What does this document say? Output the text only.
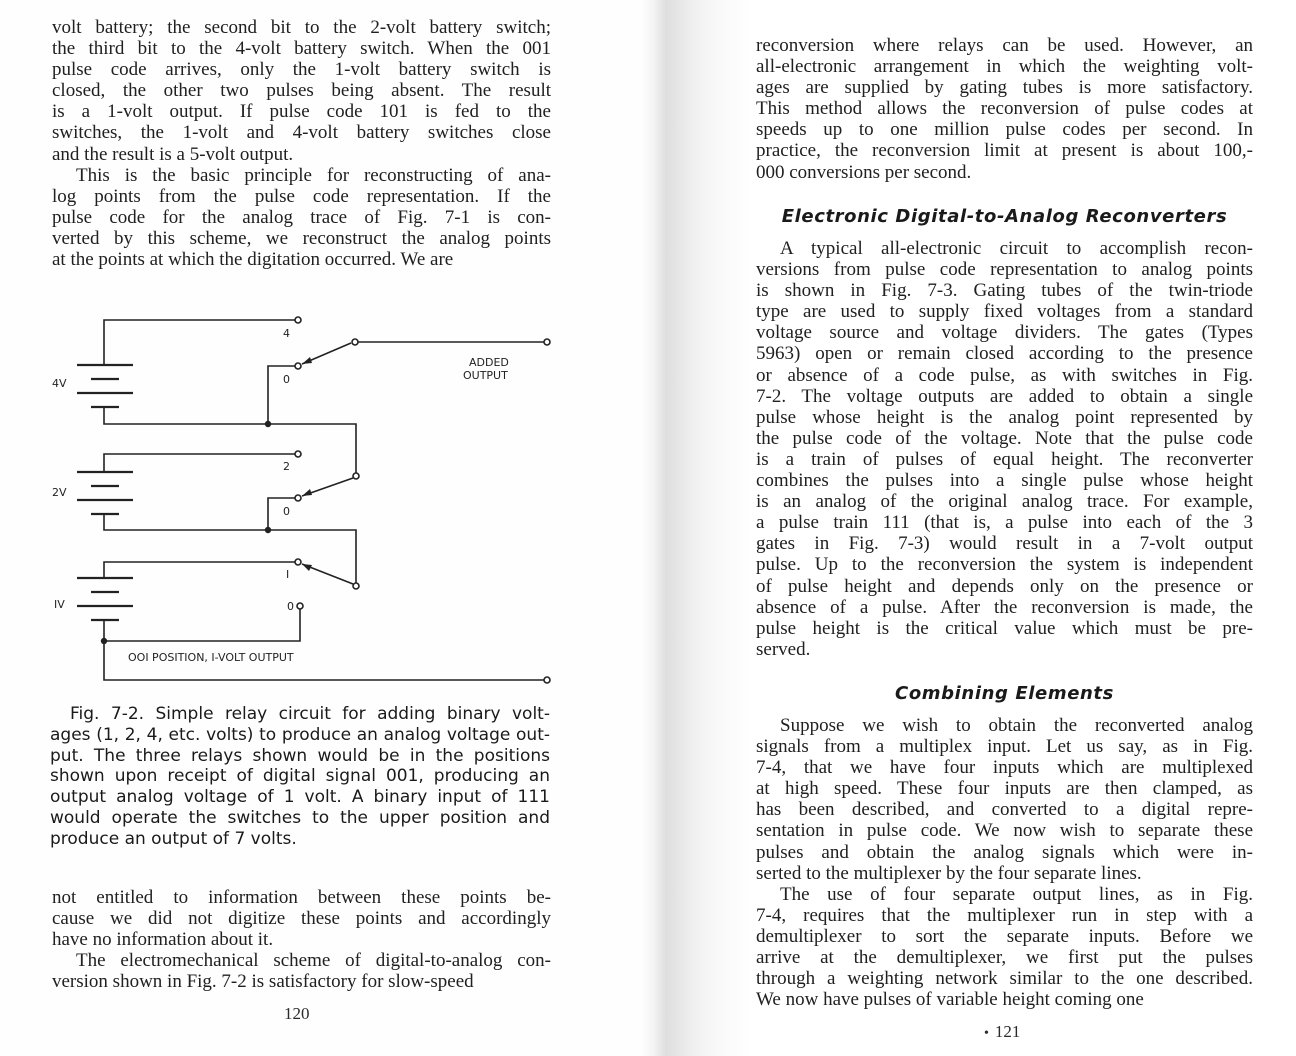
volt battery; the second bit to the 2-volt battery switch;
the third bit to the 4-volt battery switch. When the 001
pulse code arrives, only the 1-volt battery switch is
closed, the other two pulses being absent. The result
is a 1-volt output. If pulse code 101 is fed to the
switches, the 1-volt and 4-volt battery switches close
and the result is a 5-volt output.

This is the basic principle for reconstructing of ana-
log points from the pulse code representation. If the
pulse code for the analog trace of Fig. 7-1 is con-
verted by this scheme, we reconstruct the analog points
at the points at which the digitation occurred. We are

4V
2V
IV
4
0
2
0
I
0
ADDED
OUTPUT
OOI POSITION, I-VOLT OUTPUT
Fig. 7-2. Simple relay circuit for adding binary volt-
ages (1, 2, 4, etc. volts) to produce an analog voltage out-
put. The three relays shown would be in the positions
shown upon receipt of digital signal 001, producing an
output analog voltage of 1 volt. A binary input of 111
would operate the switches to the upper position and
produce an output of 7 volts.

not entitled to information between these points be-
cause we did not digitize these points and accordingly
have no information about it.

The electromechanical scheme of digital-to-analog con-
version shown in Fig. 7-2 is satisfactory for slow-speed

120

reconversion where relays can be used. However, an
all-electronic arrangement in which the weighting volt-
ages are supplied by gating tubes is more satisfactory.
This method allows the reconversion of pulse codes at
speeds up to one million pulse codes per second. In
practice, the reconversion limit at present is about 100,-
000 conversions per second.

Electronic Digital-to-Analog Reconverters

A typical all-electronic circuit to accomplish recon-
versions from pulse code representation to analog points
is shown in Fig. 7-3. Gating tubes of the twin-triode
type are used to supply fixed voltages from a standard
voltage source and voltage dividers. The gates (Types
5963) open or remain closed according to the presence
or absence of a code pulse, as with switches in Fig.
7-2. The voltage outputs are added to obtain a single
pulse whose height is the analog point represented by
the pulse code of the voltage. Note that the pulse code
is a train of pulses of equal height. The reconverter
combines the pulses into a single pulse whose height
is an analog of the original analog trace. For example,
a pulse train 111 (that is, a pulse into each of the 3
gates in Fig. 7-3) would result in a 7-volt output
pulse. Up to the reconversion the system is independent
of pulse height and depends only on the presence or
absence of a pulse. After the reconversion is made, the
pulse height is the critical value which must be pre-
served.

Combining Elements

Suppose we wish to obtain the reconverted analog
signals from a multiplex input. Let us say, as in Fig.
7-4, that we have four inputs which are multiplexed
at high speed. These four inputs are then clamped, as
has been described, and converted to a digital repre-
sentation in pulse code. We now wish to separate these
pulses and obtain the analog signals which were in-
serted to the multiplexer by the four separate lines.

The use of four separate output lines, as in Fig.
7-4, requires that the multiplexer run in step with a
demultiplexer to sort the separate inputs. Before we
arrive at the demultiplexer, we first put the pulses
through a weighting network similar to the one described.
We now have pulses of variable height coming one

• 121
